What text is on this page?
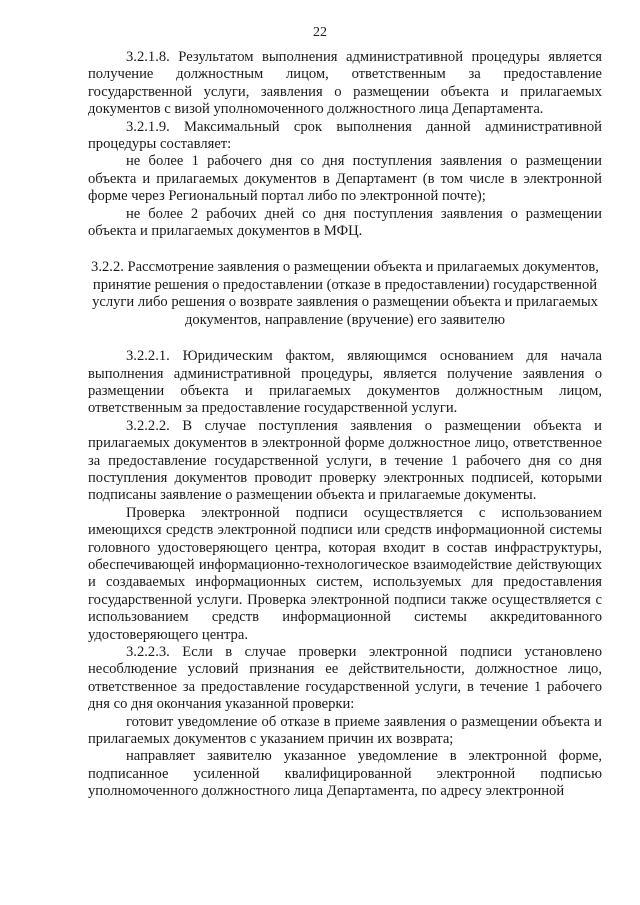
22

3.2.1.8. Результатом выполнения административной процедуры является получение должностным лицом, ответственным за предоставление государственной услуги, заявления о размещении объекта и прилагаемых документов с визой уполномоченного должностного лица Департамента.

3.2.1.9. Максимальный срок выполнения данной административной процедуры составляет:

не более 1 рабочего дня со дня поступления заявления о размещении объекта и прилагаемых документов в Департамент (в том числе в электронной форме через Региональный портал либо по электронной почте);

не более 2 рабочих дней со дня поступления заявления о размещении объекта и прилагаемых документов в МФЦ.

3.2.2. Рассмотрение заявления о размещении объекта и прилагаемых документов, принятие решения о предоставлении (отказе в предоставлении) государственной услуги либо решения о возврате заявления о размещении объекта и прилагаемых документов, направление (вручение) его заявителю

3.2.2.1. Юридическим фактом, являющимся основанием для начала выполнения административной процедуры, является получение заявления о размещении объекта и прилагаемых документов должностным лицом, ответственным за предоставление государственной услуги.

3.2.2.2. В случае поступления заявления о размещении объекта и прилагаемых документов в электронной форме должностное лицо, ответственное за предоставление государственной услуги, в течение 1 рабочего дня со дня поступления документов проводит проверку электронных подписей, которыми подписаны заявление о размещении объекта и прилагаемые документы.

Проверка электронной подписи осуществляется с использованием имеющихся средств электронной подписи или средств информационной системы головного удостоверяющего центра, которая входит в состав инфраструктуры, обеспечивающей информационно-технологическое взаимодействие действующих и создаваемых информационных систем, используемых для предоставления государственной услуги. Проверка электронной подписи также осуществляется с использованием средств информационной системы аккредитованного удостоверяющего центра.

3.2.2.3. Если в случае проверки электронной подписи установлено несоблюдение условий признания ее действительности, должностное лицо, ответственное за предоставление государственной услуги, в течение 1 рабочего дня со дня окончания указанной проверки:

готовит уведомление об отказе в приеме заявления о размещении объекта и прилагаемых документов с указанием причин их возврата;

направляет заявителю указанное уведомление в электронной форме, подписанное усиленной квалифицированной электронной подписью уполномоченного должностного лица Департамента, по адресу электронной
